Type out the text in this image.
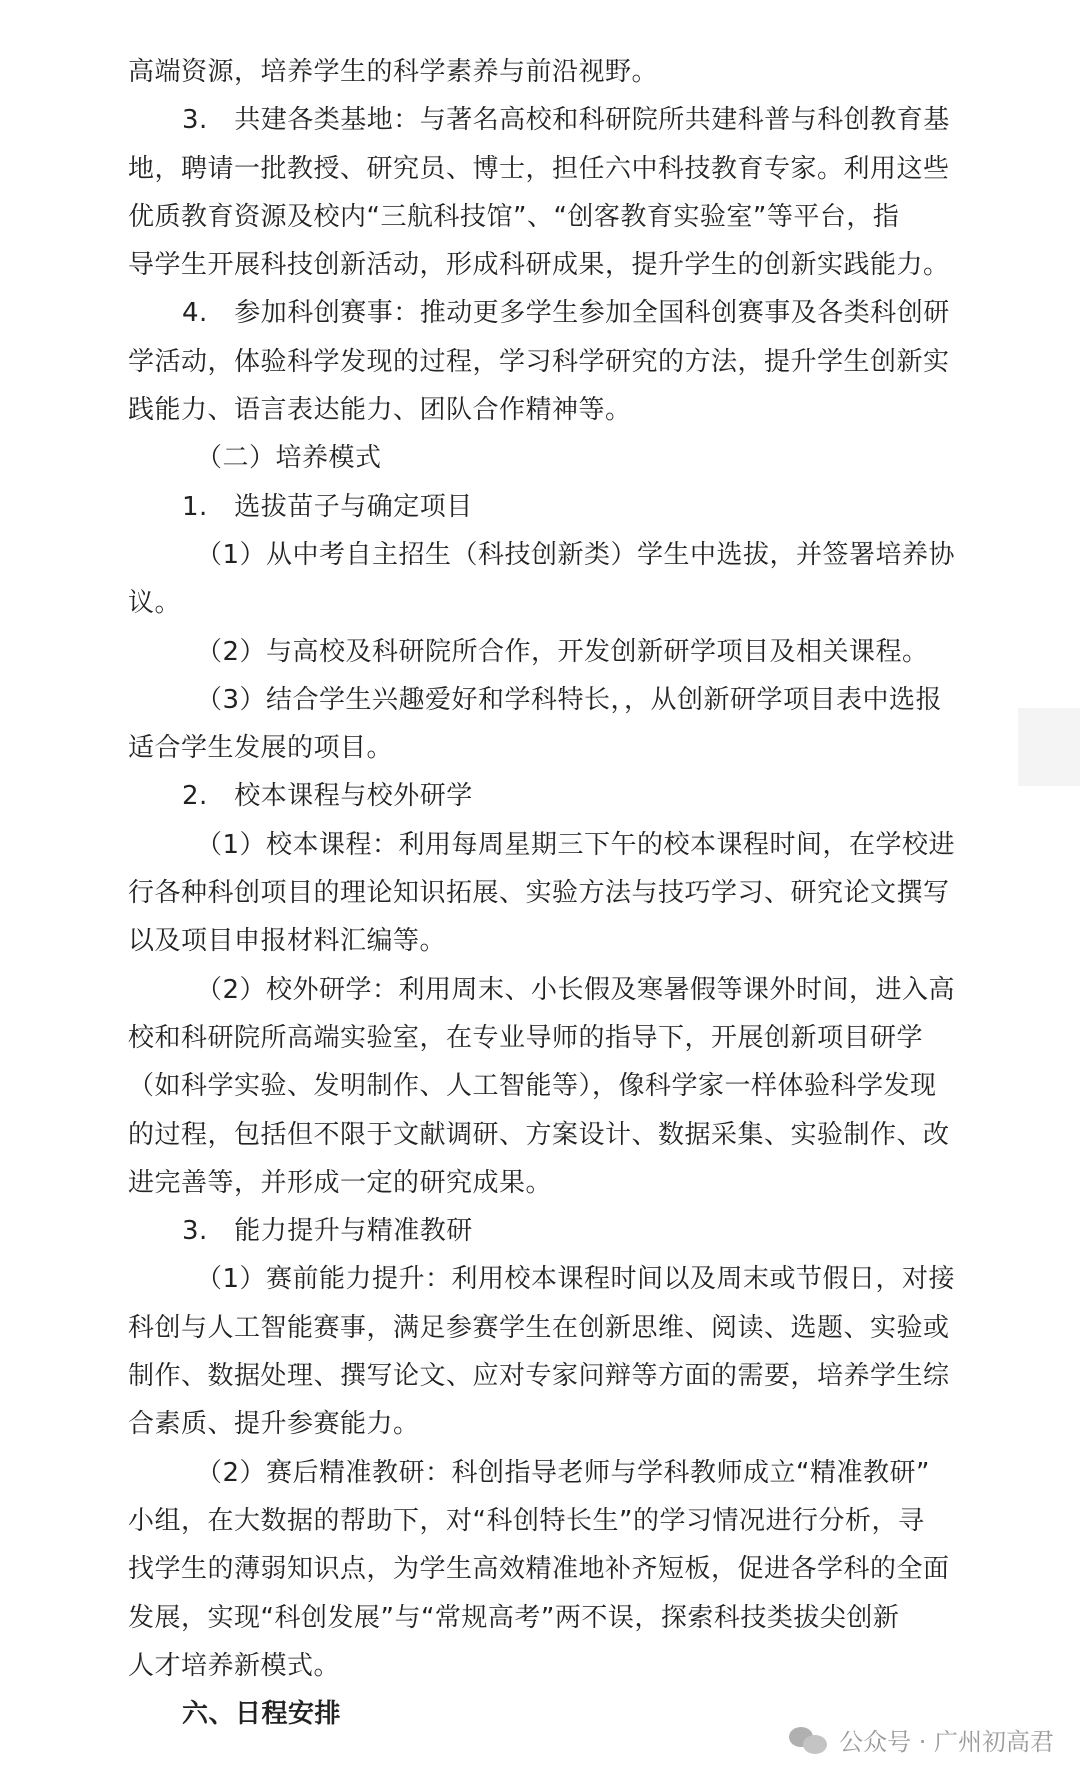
高端资源，培养学生的科学素养与前沿视野。

3.　共建各类基地：与著名高校和科研院所共建科普与科创教育基

地，聘请一批教授、研究员、博士，担任六中科技教育专家。利用这些

优质教育资源及校内“三航科技馆”、“创客教育实验室”等平台，指

导学生开展科技创新活动，形成科研成果，提升学生的创新实践能力。

4.　参加科创赛事：推动更多学生参加全国科创赛事及各类科创研

学活动，体验科学发现的过程，学习科学研究的方法，提升学生创新实

践能力、语言表达能力、团队合作精神等。

（二）培养模式

1.　选拔苗子与确定项目

（1）从中考自主招生（科技创新类）学生中选拔，并签署培养协

议。

（2）与高校及科研院所合作，开发创新研学项目及相关课程。

（3）结合学生兴趣爱好和学科特长，，从创新研学项目表中选报

适合学生发展的项目。

2.　校本课程与校外研学

（1）校本课程：利用每周星期三下午的校本课程时间，在学校进

行各种科创项目的理论知识拓展、实验方法与技巧学习、研究论文撰写

以及项目申报材料汇编等。

（2）校外研学：利用周末、小长假及寒暑假等课外时间，进入高

校和科研院所高端实验室，在专业导师的指导下，开展创新项目研学

（如科学实验、发明制作、人工智能等），像科学家一样体验科学发现

的过程，包括但不限于文献调研、方案设计、数据采集、实验制作、改

进完善等，并形成一定的研究成果。

3.　能力提升与精准教研

（1）赛前能力提升：利用校本课程时间以及周末或节假日，对接

科创与人工智能赛事，满足参赛学生在创新思维、阅读、选题、实验或

制作、数据处理、撰写论文、应对专家问辩等方面的需要，培养学生综

合素质、提升参赛能力。

（2）赛后精准教研：科创指导老师与学科教师成立“精准教研”

小组，在大数据的帮助下，对“科创特长生”的学习情况进行分析，寻

找学生的薄弱知识点，为学生高效精准地补齐短板，促进各学科的全面

发展，实现“科创发展”与“常规高考”两不误，探索科技类拔尖创新

人才培养新模式。

六、日程安排

公众号 · 广州初高君
